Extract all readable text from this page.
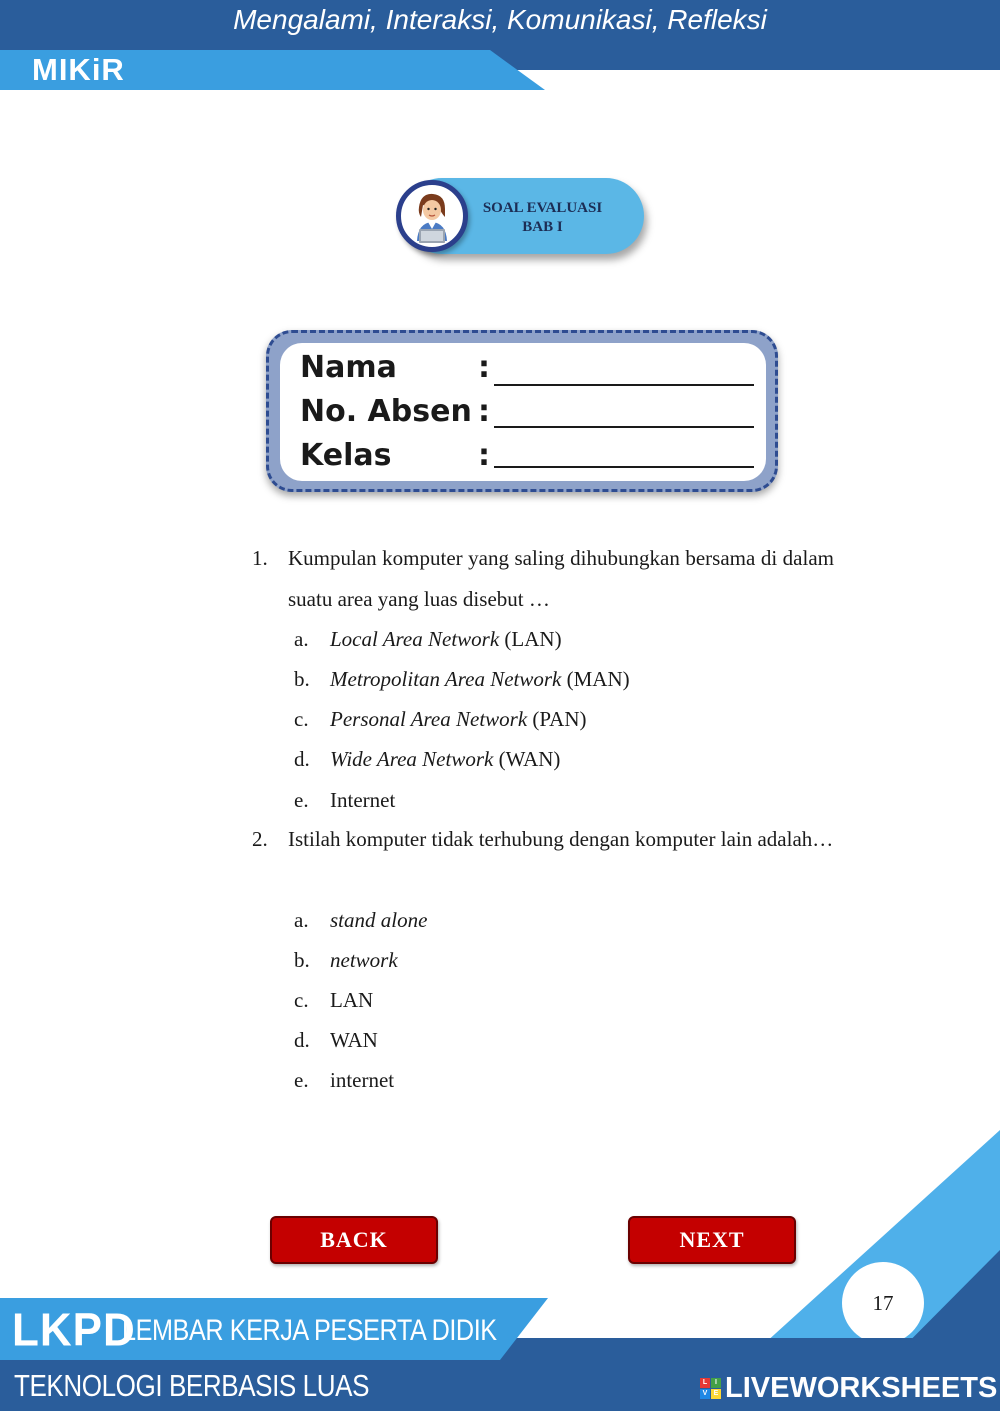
Mengalami, Interaksi, Komunikasi, Refleksi
MIKiR
SOAL EVALUASI
BAB I
Nama	:
No. Absen :
Kelas	:
1. Kumpulan komputer yang saling dihubungkan bersama di dalam suatu area yang luas disebut …
a. Local Area Network (LAN)
b. Metropolitan Area Network (MAN)
c. Personal Area Network (PAN)
d. Wide Area Network (WAN)
e. Internet
2. Istilah komputer tidak terhubung dengan komputer lain adalah…
a. stand alone
b. network
c. LAN
d. WAN
e. internet
BACK	NEXT
17
LKPD
LEMBAR KERJA PESERTA DIDIK
TEKNOLOGI BERBASIS LUAS	L	I
V E LIVEWORKSHEETS
